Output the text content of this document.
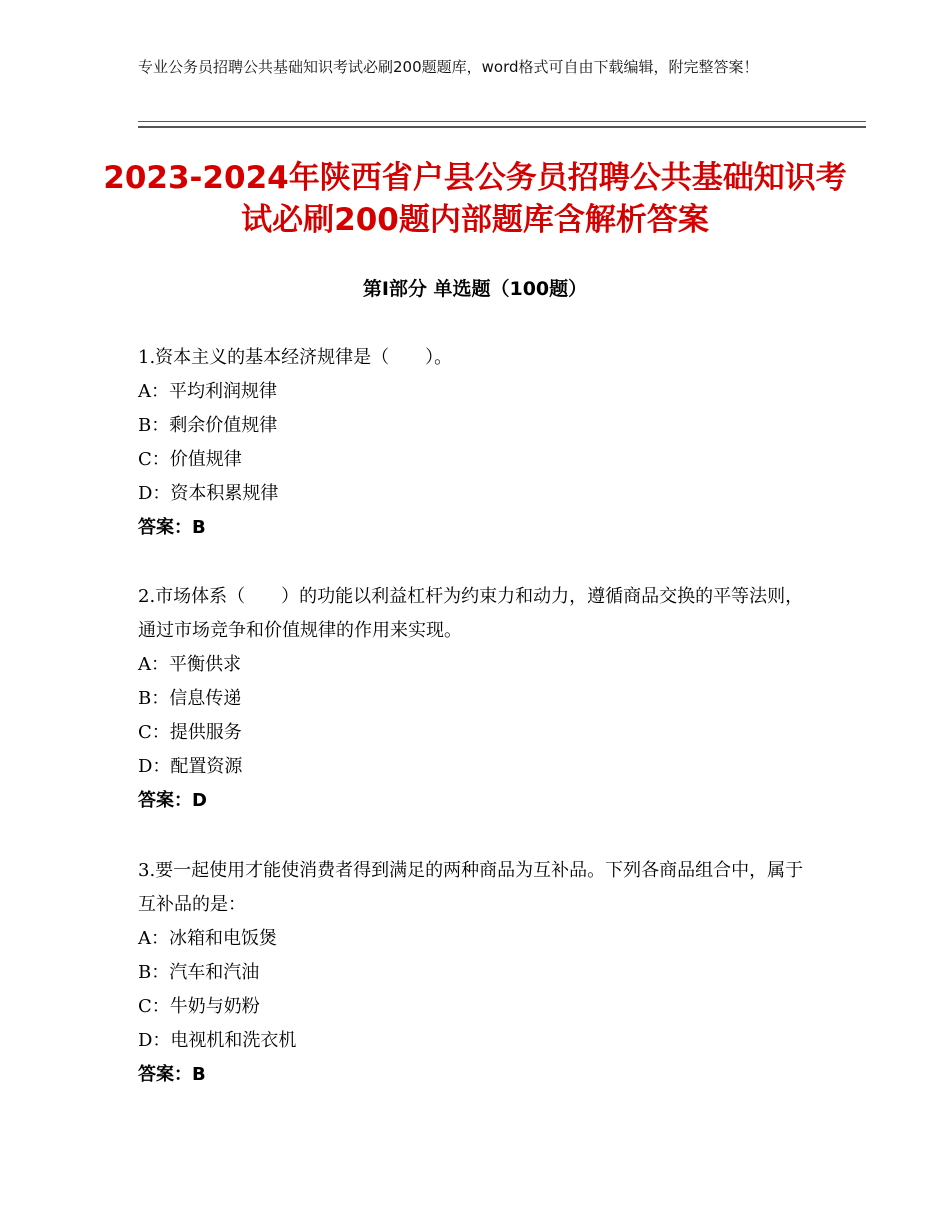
专业公务员招聘公共基础知识考试必刷200题题库，word格式可自由下载编辑，附完整答案！
2023-2024年陕西省户县公务员招聘公共基础知识考试必刷200题内部题库含解析答案
第Ⅰ部分 单选题（100题）

1.资本主义的基本经济规律是（　　）。

A：平均利润规律

B：剩余价值规律

C：价值规律

D：资本积累规律

答案：B

2.市场体系（　　）的功能以利益杠杆为约束力和动力，遵循商品交换的平等法则，通过市场竞争和价值规律的作用来实现。

A：平衡供求

B：信息传递

C：提供服务

D：配置资源

答案：D

3.要一起使用才能使消费者得到满足的两种商品为互补品。下列各商品组合中，属于互补品的是：

A：冰箱和电饭煲

B：汽车和汽油

C：牛奶与奶粉

D：电视机和洗衣机

答案：B
